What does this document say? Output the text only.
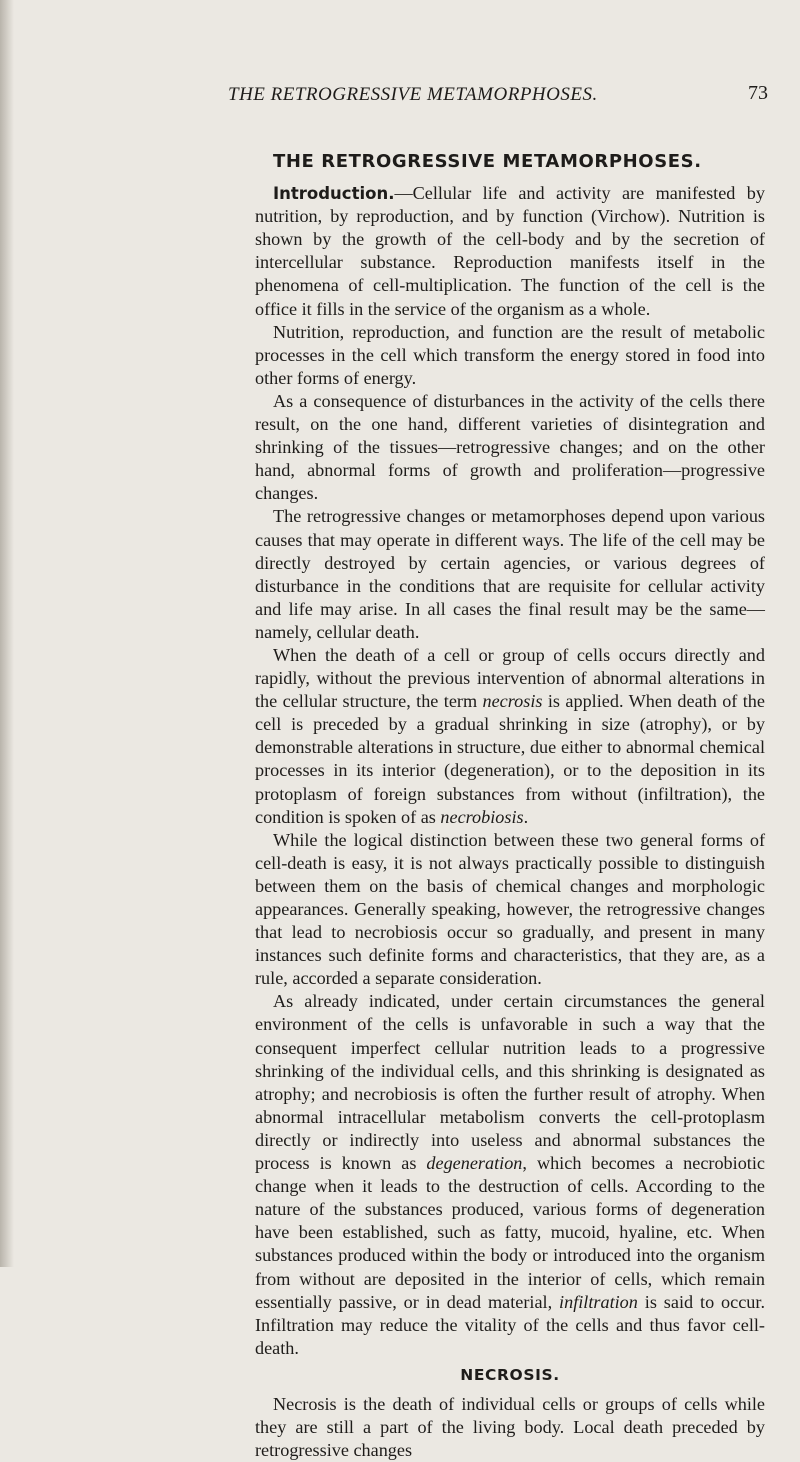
THE RETROGRESSIVE METAMORPHOSES.	73
THE RETROGRESSIVE METAMORPHOSES.

Introduction.—Cellular life and activity are manifested by nutrition, by reproduction, and by function (Virchow). Nutrition is shown by the growth of the cell-body and by the secretion of intercellular substance. Reproduction manifests itself in the phenomena of cell-multiplication. The function of the cell is the office it fills in the service of the organism as a whole.

Nutrition, reproduction, and function are the result of metabolic processes in the cell which transform the energy stored in food into other forms of energy.

As a consequence of disturbances in the activity of the cells there result, on the one hand, different varieties of disintegration and shrinking of the tissues—retrogressive changes; and on the other hand, abnormal forms of growth and proliferation—progressive changes.

The retrogressive changes or metamorphoses depend upon various causes that may operate in different ways. The life of the cell may be directly destroyed by certain agencies, or various degrees of disturbance in the conditions that are requisite for cellular activity and life may arise. In all cases the final result may be the same—namely, cellular death.

When the death of a cell or group of cells occurs directly and rapidly, without the previous intervention of abnormal alterations in the cellular structure, the term necrosis is applied. When death of the cell is preceded by a gradual shrinking in size (atrophy), or by demonstrable alterations in structure, due either to abnormal chemical processes in its interior (degeneration), or to the deposition in its protoplasm of foreign substances from without (infiltration), the condition is spoken of as necrobiosis.

While the logical distinction between these two general forms of cell-death is easy, it is not always practically possible to distinguish between them on the basis of chemical changes and morphologic appearances. Generally speaking, however, the retrogressive changes that lead to necrobiosis occur so gradually, and present in many instances such definite forms and characteristics, that they are, as a rule, accorded a separate consideration.

As already indicated, under certain circumstances the general environment of the cells is unfavorable in such a way that the consequent imperfect cellular nutrition leads to a progressive shrinking of the individual cells, and this shrinking is designated as atrophy; and necrobiosis is often the further result of atrophy. When abnormal intracellular metabolism converts the cell-protoplasm directly or indirectly into useless and abnormal substances the process is known as degeneration, which becomes a necrobiotic change when it leads to the destruction of cells. According to the nature of the substances produced, various forms of degeneration have been established, such as fatty, mucoid, hyaline, etc. When substances produced within the body or introduced into the organism from without are deposited in the interior of cells, which remain essentially passive, or in dead material, infiltration is said to occur. Infiltration may reduce the vitality of the cells and thus favor cell-death.

NECROSIS.

Necrosis is the death of individual cells or groups of cells while they are still a part of the living body. Local death preceded by retrogressive changes
